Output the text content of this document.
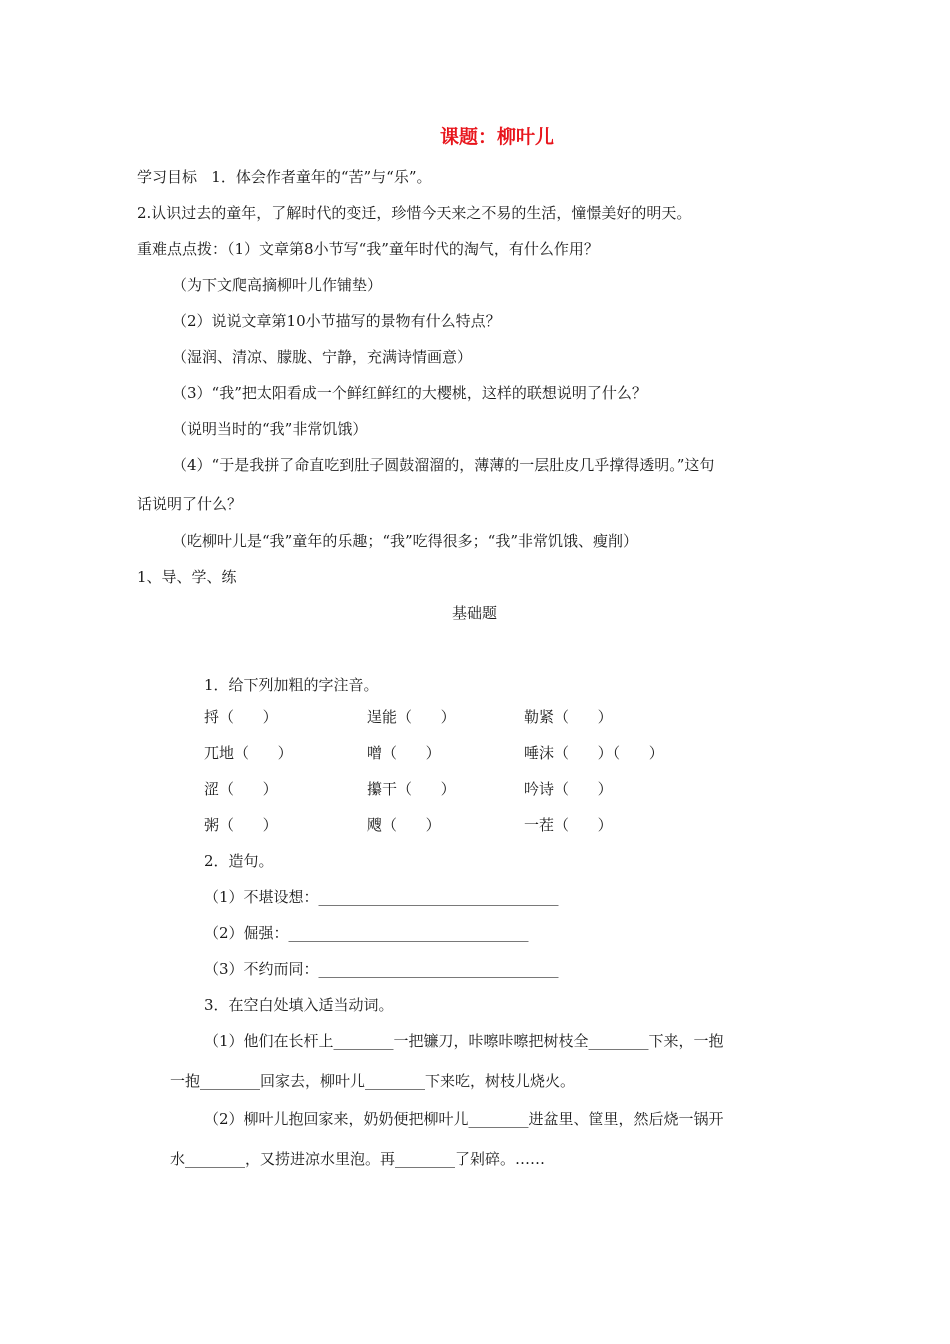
课题：柳叶儿
学习目标   1．体会作者童年的“苦”与“乐”。
2.认识过去的童年，了解时代的变迁，珍惜今天来之不易的生活，憧憬美好的明天。
重难点点拨：（1）文章第8小节写“我”童年时代的淘气，有什么作用？
（为下文爬高摘柳叶儿作铺垫）
（2）说说文章第10小节描写的景物有什么特点？
（湿润、清凉、朦胧、宁静，充满诗情画意）
（3）“我”把太阳看成一个鲜红鲜红的大樱桃，这样的联想说明了什么？
（说明当时的“我”非常饥饿）
（4）“于是我拼了命直吃到肚子圆鼓溜溜的，薄薄的一层肚皮几乎撑得透明。”这句
话说明了什么？
（吃柳叶儿是“我”童年的乐趣；“我”吃得很多；“我”非常饥饿、瘦削）
1、导、学、练
基础题
1．给下列加粗的字注音。
捋（      ）	逞能（      ）	勒紧（      ）
兀地（      ）	噌（      ）	唾沫（      ）（      ）
涩（      ）	攥干（      ）	吟诗（      ）
粥（      ）	飕（      ）	一茬（      ）
2．造句。
（1）不堪设想：________________________________
（2）倔强：________________________________
（3）不约而同：________________________________
3．在空白处填入适当动词。
（1）他们在长杆上________一把镰刀，咔嚓咔嚓把树枝全________下来，一抱
一抱________回家去，柳叶儿________下来吃，树枝儿烧火。
（2）柳叶儿抱回家来，奶奶便把柳叶儿________进盆里、筐里，然后烧一锅开
水________，又捞进凉水里泡。再________了剁碎。……
